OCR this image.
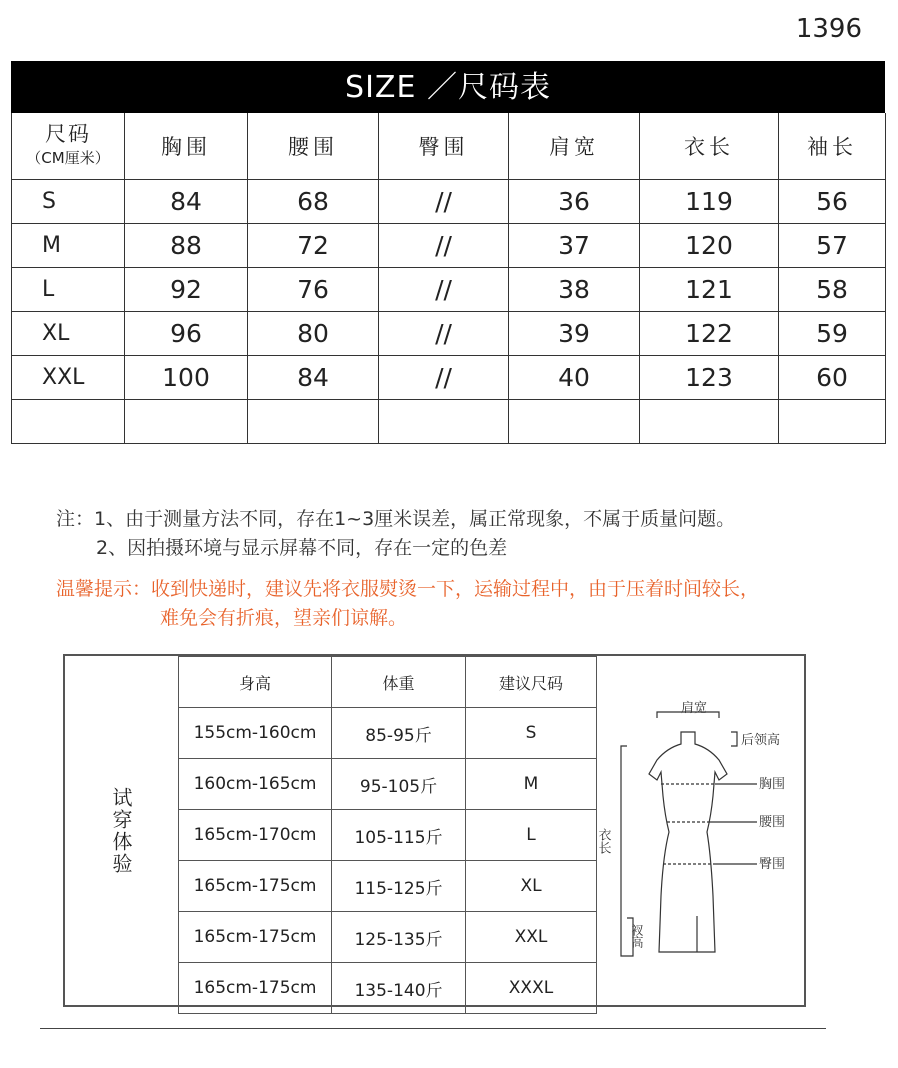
1396
SIZE ／尺码表
尺码
（CM厘米）	胸围	腰围	臀围	肩宽	衣长	袖长
S	84	68	//	36	119	56
M	88	72	//	37	120	57
L	92	76	//	38	121	58
XL	96	80	//	39	122	59
XXL	100	84	//	40	123	60

注：1、由于测量方法不同，存在1~3厘米误差，属正常现象，不属于质量问题。
2、因拍摄环境与显示屏幕不同，存在一定的色差
温馨提示：收到快递时，建议先将衣服熨烫一下，运输过程中，由于压着时间较长，
难免会有折痕，望亲们谅解。
试穿体验
身高	体重	建议尺码
155cm-160cm	85-95斤	S
160cm-165cm	95-105斤	M
165cm-170cm	105-115斤	L
165cm-175cm	115-125斤	XL
165cm-175cm	125-135斤	XXL
165cm-175cm	135-140斤	XXXL
肩宽
后领高
胸围
腰围
臀围
衣长
衩高
